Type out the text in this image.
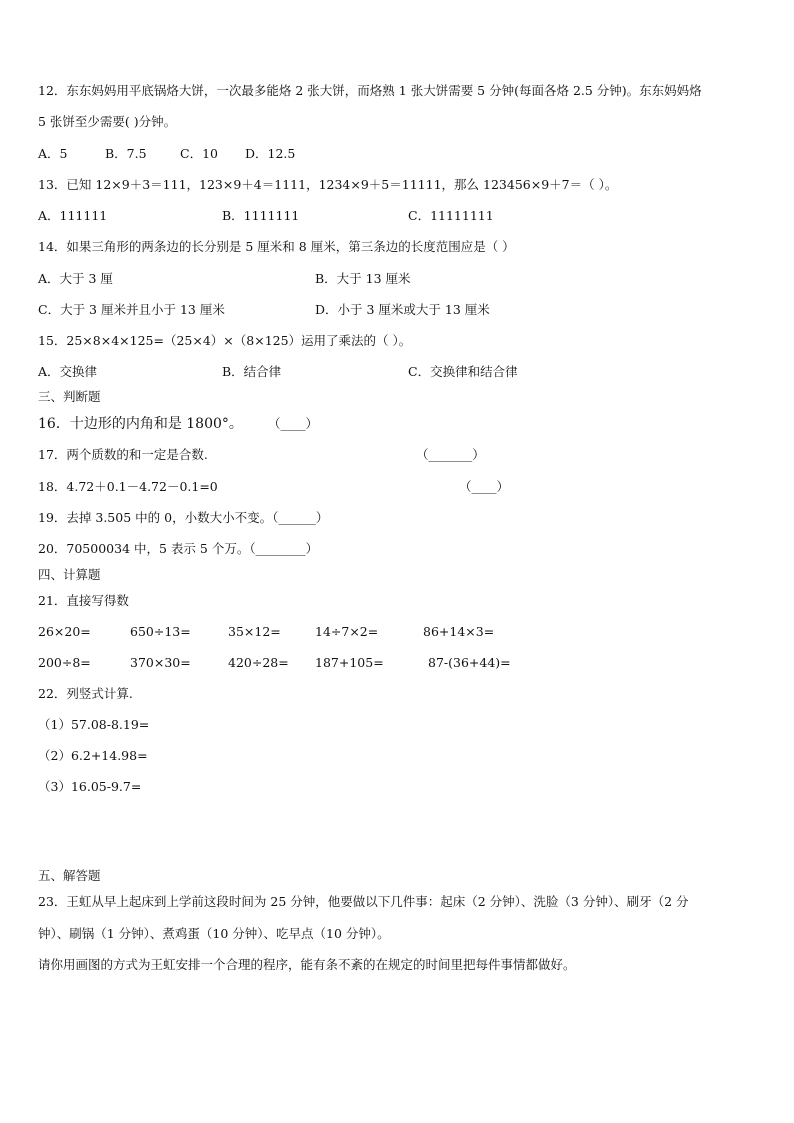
12．东东妈妈用平底锅烙大饼，一次最多能烙 2 张大饼，而烙熟 1 张大饼需要 5 分钟(每面各烙 2.5 分钟)。东东妈妈烙
5 张饼至少需要( )分钟。
A．5	B．7.5	C．10 D．12.5
13．已知 12×9＋3＝111，123×9＋4＝1111，1234×9＋5＝11111，那么 123456×9＋7＝（ ）。
A．111111	B．1111111	C．11111111
14．如果三角形的两条边的长分别是 5 厘米和 8 厘米，第三条边的长度范围应是（ ）
A．大于 3 厘	B．大于 13 厘米
C．大于 3 厘米并且小于 13 厘米	D．小于 3 厘米或大于 13 厘米
15．25×8×4×125=（25×4）×（8×125）运用了乘法的（ ）。
A．交换律	B．结合律	C．交换律和结合律
三、判断题
16．十边形的内角和是 1800°。 （____）
17．两个质数的和一定是合数.	（_______）
18．4.72＋0.1－4.72－0.1=0	（____）
19．去掉 3.505 中的 0，小数大小不变。（______）
20．70500034 中，5 表示 5 个万。（________）
四、计算题
21．直接写得数
26×20=	650÷13=	35×12=	14÷7×2=	86+14×3=
200÷8=	370×30=	420÷28= 187+105=	87-(36+44)=
22．列竖式计算.
（1）57.08-8.19=
（2）6.2+14.98=
（3）16.05-9.7=
五、解答题
23．王虹从早上起床到上学前这段时间为 25 分钟，他要做以下几件事：起床（2 分钟）、洗脸（3 分钟）、刷牙（2 分
钟）、刷锅（1 分钟）、煮鸡蛋（10 分钟）、吃早点（10 分钟）。
请你用画图的方式为王虹安排一个合理的程序，能有条不紊的在规定的时间里把每件事情都做好。
